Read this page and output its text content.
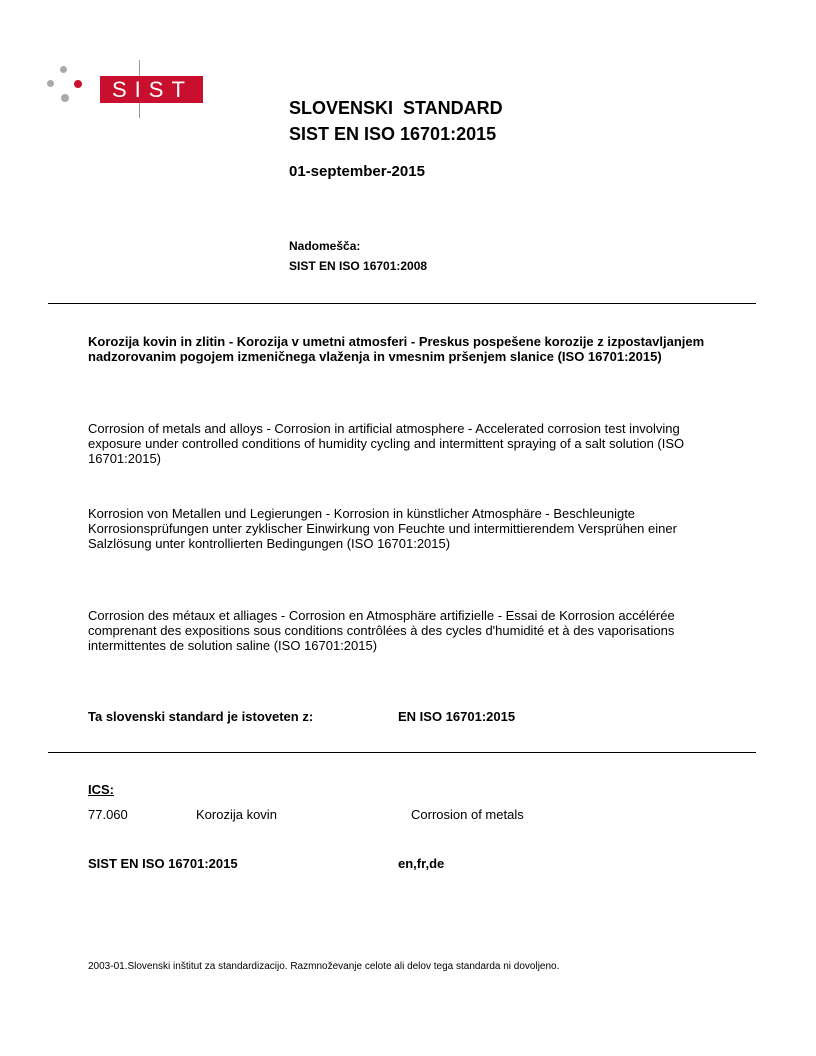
SIST
SLOVENSKI  STANDARD
SIST EN ISO 16701:2015
01-september-2015
Nadomešča:
SIST EN ISO 16701:2008
Korozija kovin in zlitin - Korozija v umetni atmosferi - Preskus pospešene korozije z izpostavljanjem nadzorovanim pogojem izmeničnega vlaženja in vmesnim pršenjem slanice (ISO 16701:2015)
Corrosion of metals and alloys - Corrosion in artificial atmosphere - Accelerated corrosion test involving exposure under controlled conditions of humidity cycling and intermittent spraying of a salt solution (ISO 16701:2015)
Korrosion von Metallen und Legierungen - Korrosion in künstlicher Atmosphäre - Beschleunigte Korrosionsprüfungen unter zyklischer Einwirkung von Feuchte und intermittierendem Versprühen einer Salzlösung unter kontrollierten Bedingungen (ISO 16701:2015)
Corrosion des métaux et alliages - Corrosion en Atmosphäre artifizielle - Essai de Korrosion accélérée comprenant des expositions sous conditions contrôlées à des cycles d'humidité et à des vaporisations intermittentes de solution saline (ISO 16701:2015)
Ta slovenski standard je istoveten z:	EN ISO 16701:2015
ICS:
77.060	Korozija kovin	Corrosion of metals
SIST EN ISO 16701:2015	en,fr,de
2003-01.Slovenski inštitut za standardizacijo. Razmnoževanje celote ali delov tega standarda ni dovoljeno.
